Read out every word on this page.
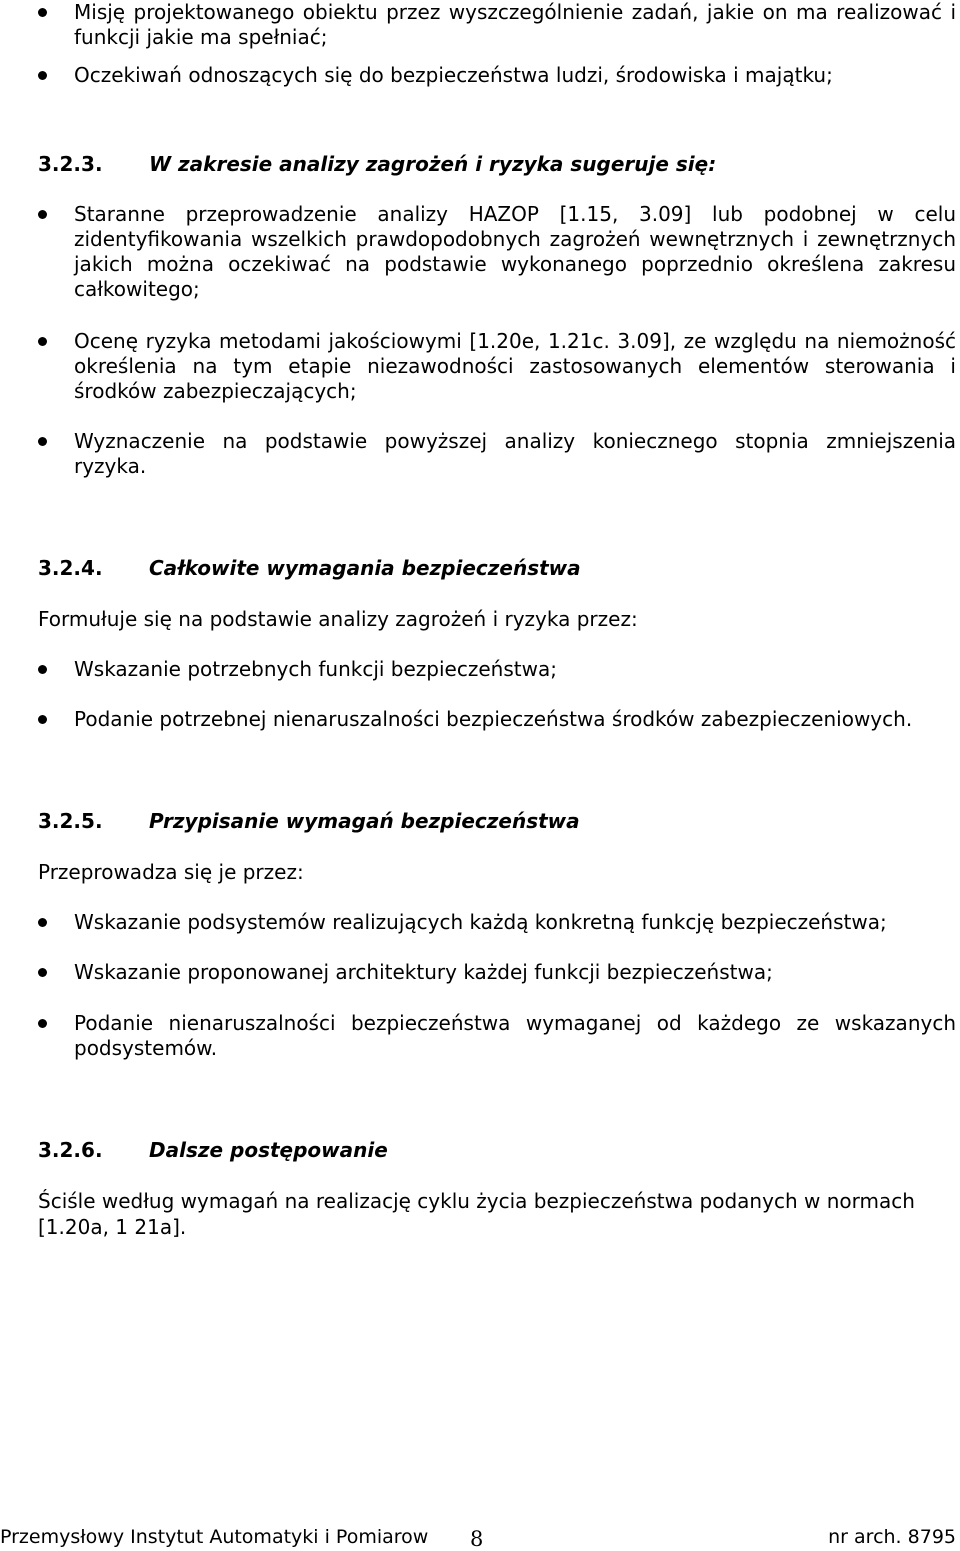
Misję projektowanego obiektu przez wyszczególnienie zadań, jakie on ma realizować i funkcji jakie ma spełniać;
Oczekiwań odnoszących się do bezpieczeństwa ludzi, środowiska i majątku;
3.2.3. W zakresie analizy zagrożeń i ryzyka sugeruje się:
Staranne przeprowadzenie analizy HAZOP [1.15, 3.09] lub podobnej w celu zidentyfikowania wszelkich prawdopodobnych zagrożeń wewnętrznych i zewnętrznych jakich można oczekiwać na podstawie wykonanego poprzednio określena zakresu całkowitego;
Ocenę ryzyka metodami jakościowymi [1.20e, 1.21c. 3.09], ze względu na niemożność określenia na tym etapie niezawodności zastosowanych elementów sterowania i środków zabezpieczających;
Wyznaczenie na podstawie powyższej analizy koniecznego stopnia zmniejszenia ryzyka.
3.2.4. Całkowite wymagania bezpieczeństwa
Formułuje się na podstawie analizy zagrożeń i ryzyka przez:
Wskazanie potrzebnych funkcji bezpieczeństwa;
Podanie potrzebnej nienaruszalności bezpieczeństwa środków zabezpieczeniowych.
3.2.5. Przypisanie wymagań bezpieczeństwa
Przeprowadza się je przez:
Wskazanie podsystemów realizujących każdą konkretną funkcję bezpieczeństwa;
Wskazanie proponowanej architektury każdej funkcji bezpieczeństwa;
Podanie nienaruszalności bezpieczeństwa wymaganej od każdego ze wskazanych podsystemów.
3.2.6. Dalsze postępowanie
Ściśle według wymagań na realizację cyklu życia bezpieczeństwa podanych w normach [1.20a, 1 21a].
Przemysłowy Instytut Automatyki i Pomiarow 8	nr arch. 8795
